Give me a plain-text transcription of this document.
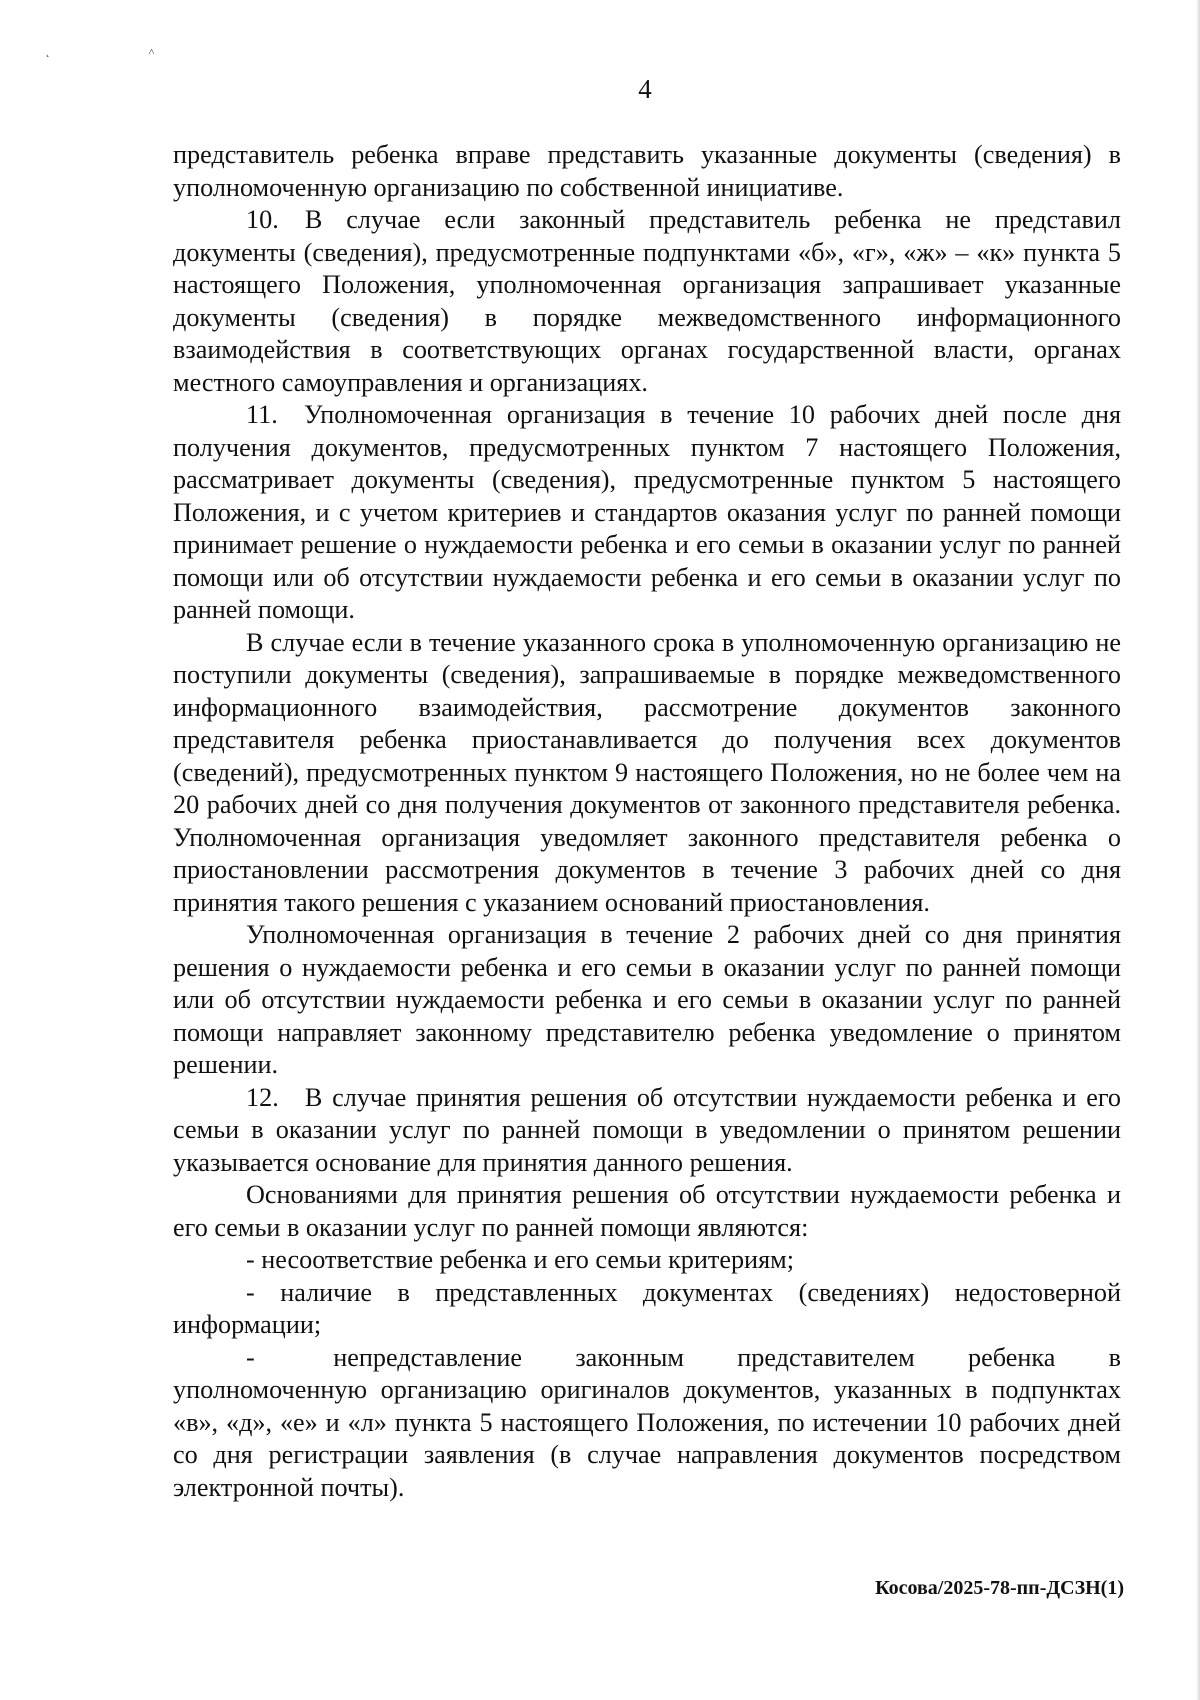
˛ ˄
4

представитель ребенка вправе представить указанные документы (сведения) в уполномоченную организацию по собственной инициативе.

10. В случае если законный представитель ребенка не представил документы (сведения), предусмотренные подпунктами «б», «г», «ж» – «к» пункта 5 настоящего Положения, уполномоченная организация запрашивает указанные документы (сведения) в порядке межведомственного информационного взаимодействия в соответствующих органах государственной власти, органах местного самоуправления и организациях.

11. Уполномоченная организация в течение 10 рабочих дней после дня получения документов, предусмотренных пунктом 7 настоящего Положения, рассматривает документы (сведения), предусмотренные пунктом 5 настоящего Положения, и с учетом критериев и стандартов оказания услуг по ранней помощи принимает решение о нуждаемости ребенка и его семьи в оказании услуг по ранней помощи или об отсутствии нуждаемости ребенка и его семьи в оказании услуг по ранней помощи.

В случае если в течение указанного срока в уполномоченную организацию не поступили документы (сведения), запрашиваемые в порядке межведомственного информационного взаимодействия, рассмотрение документов законного представителя ребенка приостанавливается до получения всех документов (сведений), предусмотренных пунктом 9 настоящего Положения, но не более чем на 20 рабочих дней со дня получения документов от законного представителя ребенка. Уполномоченная организация уведомляет законного представителя ребенка о приостановлении рассмотрения документов в течение 3 рабочих дней со дня принятия такого решения с указанием оснований приостановления.

Уполномоченная организация в течение 2 рабочих дней со дня принятия решения о нуждаемости ребенка и его семьи в оказании услуг по ранней помощи или об отсутствии нуждаемости ребенка и его семьи в оказании услуг по ранней помощи направляет законному представителю ребенка уведомление о принятом решении.

12. В случае принятия решения об отсутствии нуждаемости ребенка и его семьи в оказании услуг по ранней помощи в уведомлении о принятом решении указывается основание для принятия данного решения.

Основаниями для принятия решения об отсутствии нуждаемости ребенка и его семьи в оказании услуг по ранней помощи являются:

- несоответствие ребенка и его семьи критериям;

- наличие в представленных документах (сведениях) недостоверной информации;

-   непредставление законным представителем ребенка в уполномоченную организацию оригиналов документов, указанных в подпунктах «в», «д», «е» и «л» пункта 5 настоящего Положения, по истечении 10 рабочих дней со дня регистрации заявления (в случае направления документов посредством электронной почты).

Косова/2025-78-пп-ДСЗН(1)
